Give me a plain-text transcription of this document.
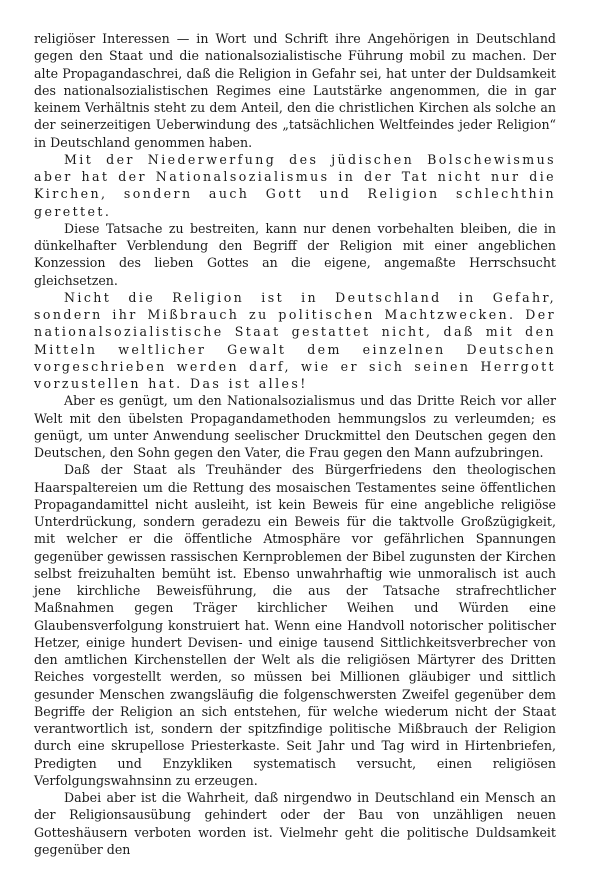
religiöser Interessen — in Wort und Schrift ihre Angehörigen in Deutschland gegen den Staat und die nationalsozialistische Führung mobil zu machen. Der alte Propagandaschrei, daß die Religion in Gefahr sei, hat unter der Duldsamkeit des nationalsozialistischen Regimes eine Lautstärke angenommen, die in gar keinem Verhältnis steht zu dem Anteil, den die christlichen Kirchen als solche an der seinerzeitigen Ueberwindung des „tatsächlichen Weltfeindes jeder Religion“ in Deutschland genommen haben.

Mit der Niederwerfung des jüdischen Bolschewismus aber hat der Nationalsozialismus in der Tat nicht nur die Kirchen, sondern auch Gott und Religion schlechthin gerettet.

Diese Tatsache zu bestreiten, kann nur denen vorbehalten bleiben, die in dünkelhafter Verblendung den Begriff der Religion mit einer angeblichen Konzession des lieben Gottes an die eigene, angemaßte Herrschsucht gleichsetzen.

Nicht die Religion ist in Deutschland in Gefahr, sondern ihr Mißbrauch zu politischen Machtzwecken. Der nationalsozialistische Staat gestattet nicht, daß mit den Mitteln weltlicher Gewalt dem einzelnen Deutschen vorgeschrieben werden darf, wie er sich seinen Herrgott vorzustellen hat. Das ist alles!

Aber es genügt, um den Nationalsozialismus und das Dritte Reich vor aller Welt mit den übelsten Propagandamethoden hemmungslos zu verleumden; es genügt, um unter Anwendung seelischer Druckmittel den Deutschen gegen den Deutschen, den Sohn gegen den Vater, die Frau gegen den Mann aufzubringen.

Daß der Staat als Treuhänder des Bürgerfriedens den theologischen Haarspaltereien um die Rettung des mosaischen Testamentes seine öffentlichen Propagandamittel nicht ausleiht, ist kein Beweis für eine angebliche religiöse Unterdrückung, sondern geradezu ein Beweis für die taktvolle Großzügigkeit, mit welcher er die öffentliche Atmosphäre vor gefährlichen Spannungen gegenüber gewissen rassischen Kernproblemen der Bibel zugunsten der Kirchen selbst freizuhalten bemüht ist. Ebenso unwahrhaftig wie unmoralisch ist auch jene kirchliche Beweisführung, die aus der Tatsache strafrechtlicher Maßnahmen gegen Träger kirchlicher Weihen und Würden eine Glaubensverfolgung konstruiert hat. Wenn eine Handvoll notorischer politischer Hetzer, einige hundert Devisen- und einige tausend Sittlichkeitsverbrecher von den amtlichen Kirchenstellen der Welt als die religiösen Märtyrer des Dritten Reiches vorgestellt werden, so müssen bei Millionen gläubiger und sittlich gesunder Menschen zwangsläufig die folgenschwersten Zweifel gegenüber dem Begriffe der Religion an sich entstehen, für welche wiederum nicht der Staat verantwortlich ist, sondern der spitzfindige politische Mißbrauch der Religion durch eine skrupellose Priesterkaste. Seit Jahr und Tag wird in Hirtenbriefen, Predigten und Enzykliken systematisch versucht, einen religiösen Verfolgungswahnsinn zu erzeugen.

Dabei aber ist die Wahrheit, daß nirgendwo in Deutschland ein Mensch an der Religionsausübung gehindert oder der Bau von unzähligen neuen Gotteshäusern verboten worden ist. Vielmehr geht die politische Duldsamkeit gegenüber den
